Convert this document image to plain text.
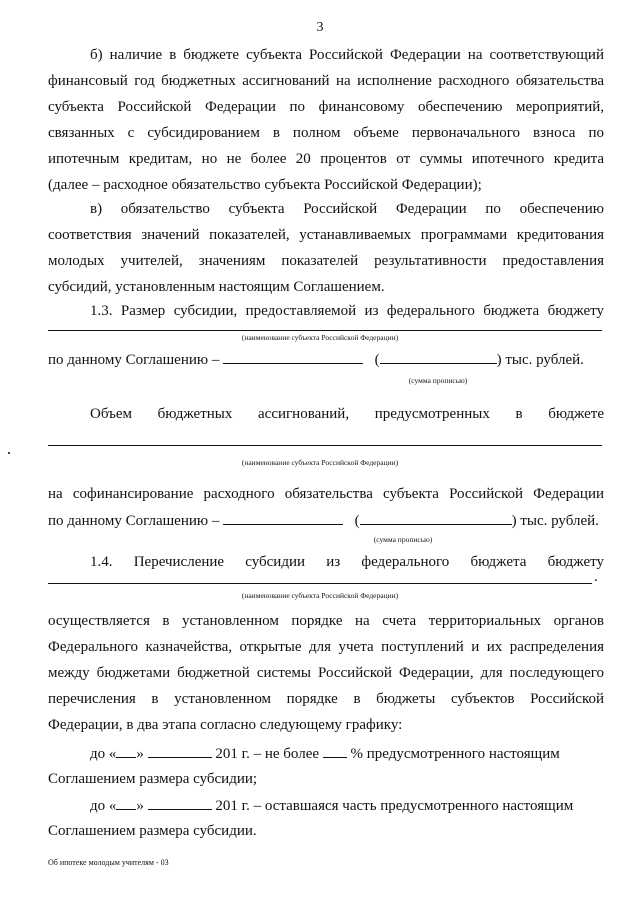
3
б) наличие в бюджете субъекта Российской Федерации на соответствующий
финансовый год бюджетных ассигнований на исполнение расходного обязательства
субъекта Российской Федерации по финансовому обеспечению мероприятий,
связанных с субсидированием в полном объеме первоначального взноса по
ипотечным кредитам, но не более 20 процентов от суммы ипотечного кредита
(далее – расходное обязательство субъекта Российской Федерации);
в) обязательство субъекта Российской Федерации по обеспечению
соответствия значений показателей, устанавливаемых программами кредитования
молодых учителей, значениям показателей результативности предоставления
субсидий, установленным настоящим Соглашением.
1.3. Размер субсидии, предоставляемой из федерального бюджета бюджету
(наименование субъекта Российской Федерации)
по данному Соглашению –	(	) тыс. рублей.
(сумма прописью)
Объем бюджетных ассигнований, предусмотренных в бюджете
(наименование субъекта Российской Федерации)
на софинансирование расходного обязательства субъекта Российской Федерации
по данному Соглашению –	(	) тыс. рублей.
(сумма прописью)
1.4. Перечисление субсидии из федерального бюджета бюджету
.
(наименование субъекта Российской Федерации)
осуществляется в установленном порядке на счета территориальных органов
Федерального казначейства, открытые для учета поступлений и их распределения
между бюджетами бюджетной системы Российской Федерации, для последующего
перечисления в установленном порядке в бюджеты субъектов Российской
Федерации, в два этапа согласно следующему графику:
до « »	201 г. – не более % предусмотренного настоящим
Соглашением размера субсидии;
до « »	201 г. – оставшаяся часть предусмотренного настоящим
Соглашением размера субсидии.
Об ипотеке молодым учителям - 03
